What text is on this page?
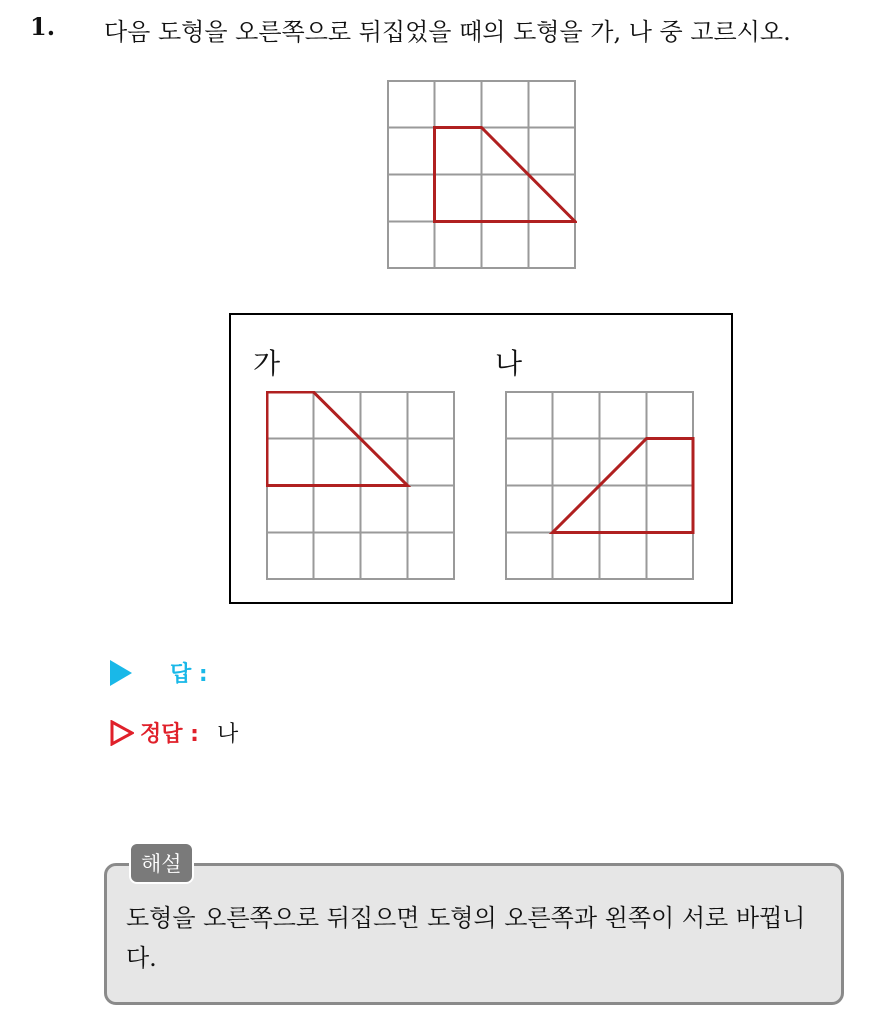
1. 다음 도형을 오른쪽으로 뒤집었을 때의 도형을 가, 나 중 고르시오.
가	나
답 :
정답 : 나
해설
도형을 오른쪽으로 뒤집으면 도형의 오른쪽과 왼쪽이 서로 바뀝니다.
